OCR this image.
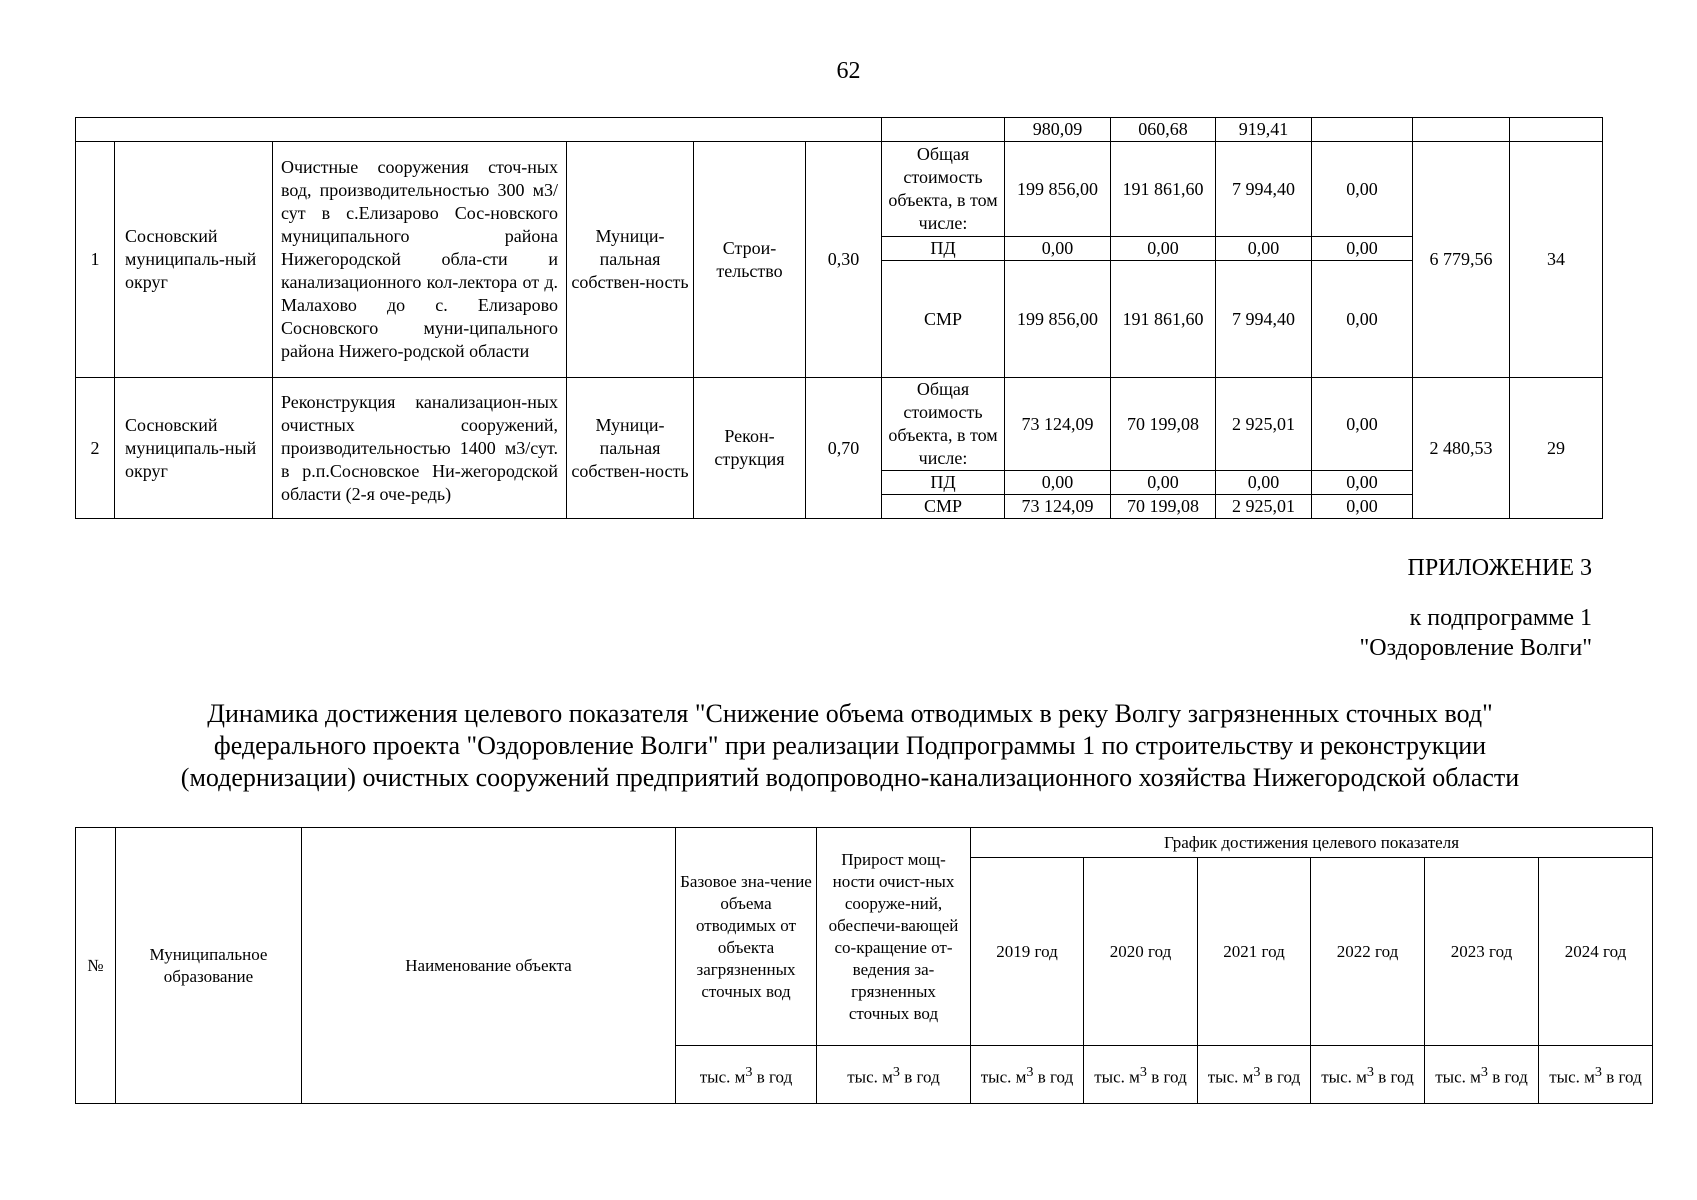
62
							980,09	060,68	919,41			
1	Сосновский муниципаль-ный округ	Очистные сооружения сточ-ных вод, производительностью 300 м3/сут в с.Елизарово Сос-новского муниципального района Нижегородской обла-сти и канализационного кол-лектора от д. Малахово до с. Елизарово Сосновского муни-ципального района Нижего-родской области	Муници-пальная собствен-ность	Строи-тельство	0,30	Общая стоимость объекта, в том числе:	199 856,00	191 861,60	7 994,40	0,00	6 779,56	34
						ПД	0,00	0,00	0,00	0,00		
						СМР	199 856,00	191 861,60	7 994,40	0,00		
2	Сосновский муниципаль-ный округ	Реконструкция канализацион-ных очистных сооружений, производительностью 1400 м3/сут. в р.п.Сосновское Ни-жегородской области (2-я оче-редь)	Муници-пальная собствен-ность	Рекон-струкция	0,70	Общая стоимость объекта, в том числе:	73 124,09	70 199,08	2 925,01	0,00	2 480,53	29
						ПД	0,00	0,00	0,00	0,00		
						СМР	73 124,09	70 199,08	2 925,01	0,00		
ПРИЛОЖЕНИЕ 3
к подпрограмме 1
"Оздоровление Волги"
Динамика достижения целевого показателя "Снижение объема отводимых в реку Волгу загрязненных сточных вод"
федерального проекта "Оздоровление Волги" при реализации Подпрограммы 1 по строительству и реконструкции
(модернизации) очистных сооружений предприятий водопроводно-канализационного хозяйства Нижегородской области
№	Муниципальное образование	Наименование объекта	Базовое зна-чение объема отводимых от объекта загрязненных сточных вод	Прирост мощ-ности очист-ных сооруже-ний, обеспечи-вающей со-кращение от-ведения за-грязненных сточных вод	График достижения целевого показателя					
					2019 год	2020 год	2021 год	2022 год	2023 год	2024 год
			тыс. $м^3$ в год	тыс. $м^3$ в год	тыс. $м^3$ в год	тыс. $м^3$ в год	тыс. $м^3$ в год	тыс. $м^3$ в год	тыс. $м^3$ в год	тыс. $м^3$ в год
